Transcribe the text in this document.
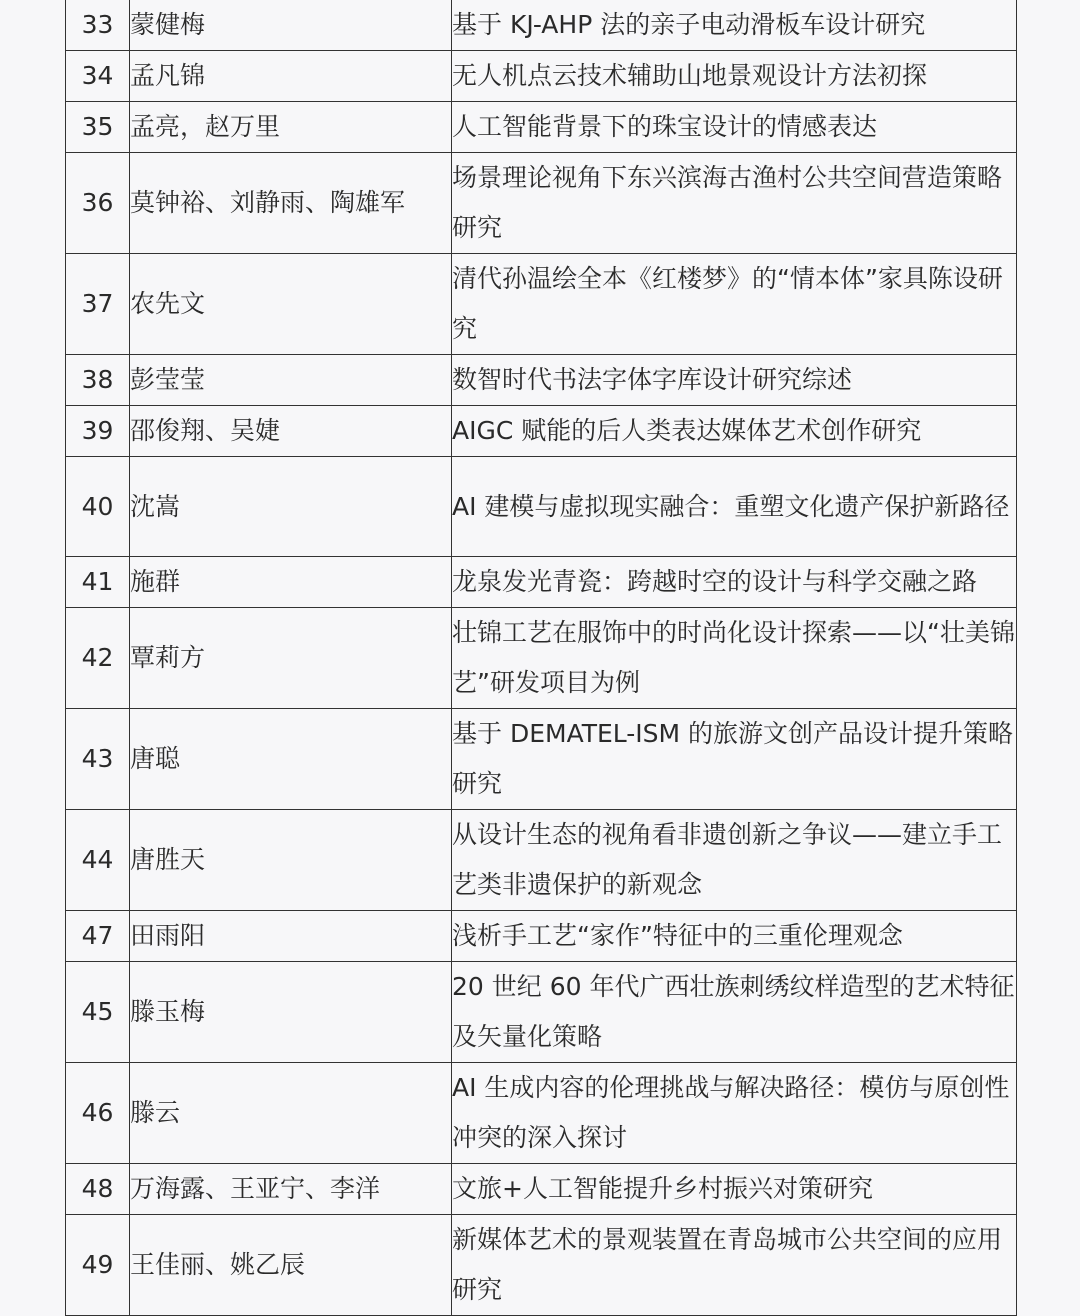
33	蒙健梅	基于 KJ-AHP 法的亲子电动滑板车设计研究

34	孟凡锦	无人机点云技术辅助山地景观设计方法初探

35	孟亮，赵万里	人工智能背景下的珠宝设计的情感表达

36	莫钟裕、刘静雨、陶雄军	场景理论视角下东兴滨海古渔村公共空间营造策略研究

37	农先文	清代孙温绘全本《红楼梦》的“情本体”家具陈设研究

38	彭莹莹	数智时代书法字体字库设计研究综述

39	邵俊翔、吴婕	AIGC 赋能的后人类表达媒体艺术创作研究

40	沈嵩	AI 建模与虚拟现实融合：重塑文化遗产保护新路径

41	施群	龙泉发光青瓷：跨越时空的设计与科学交融之路

42	覃莉方	壮锦工艺在服饰中的时尚化设计探索——以“壮美锦艺”研发项目为例

43	唐聪	基于 DEMATEL-ISM 的旅游文创产品设计提升策略研究

44	唐胜天	从设计生态的视角看非遗创新之争议——建立手工艺类非遗保护的新观念

47	田雨阳	浅析手工艺“家作”特征中的三重伦理观念

45	滕玉梅	20 世纪 60 年代广西壮族刺绣纹样造型的艺术特征及矢量化策略

46	滕云	AI 生成内容的伦理挑战与解决路径：模仿与原创性冲突的深入探讨

48	万海露、王亚宁、李洋	文旅+人工智能提升乡村振兴对策研究

49	王佳丽、姚乙辰	新媒体艺术的景观装置在青岛城市公共空间的应用研究
